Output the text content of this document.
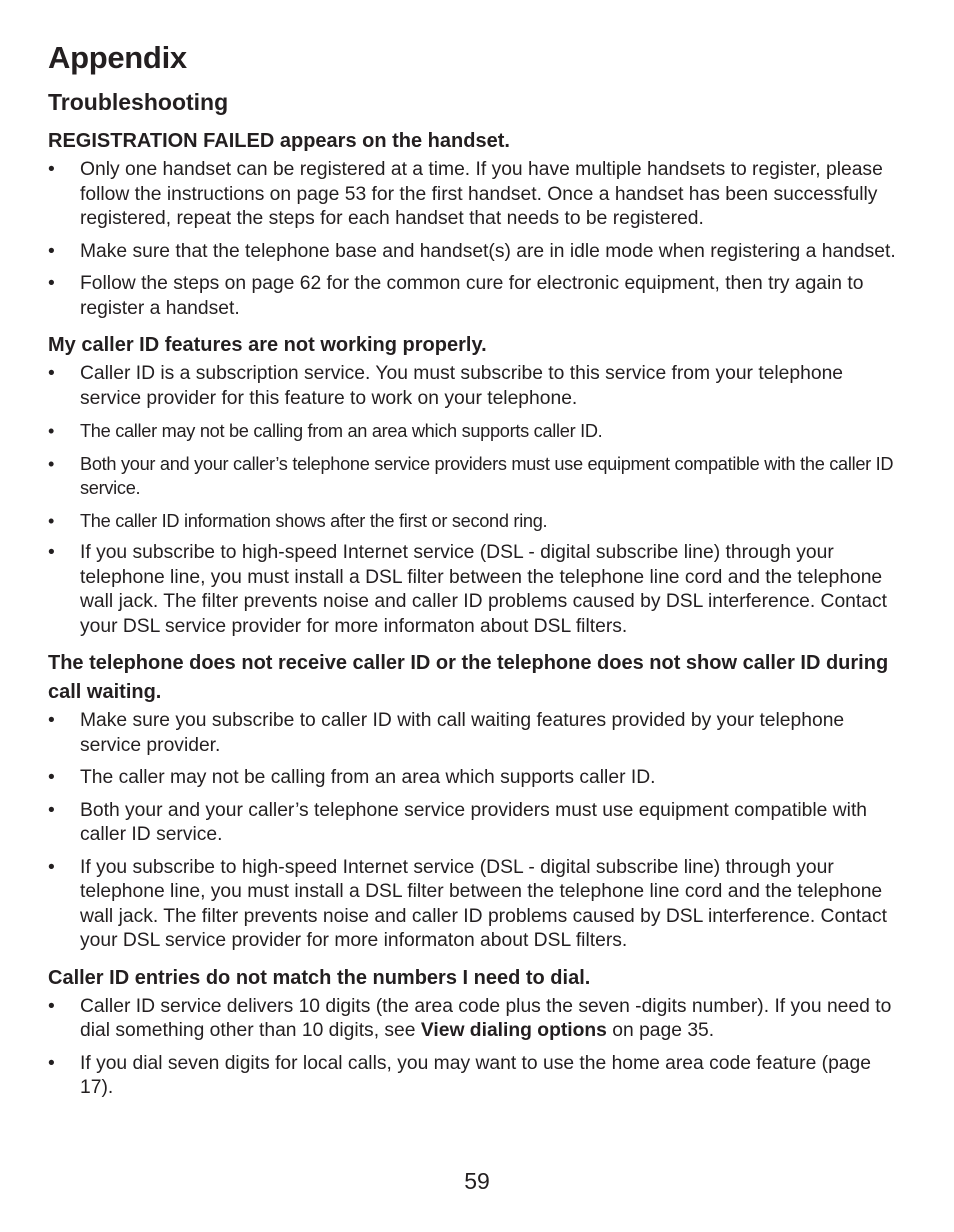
Appendix
Troubleshooting
REGISTRATION FAILED appears on the handset.
• Only one handset can be registered at a time. If you have multiple handsets to register, please follow the instructions on page 53 for the first handset. Once a handset has been successfully registered, repeat the steps for each handset that needs to be registered.
• Make sure that the telephone base and handset(s) are in idle mode when registering a handset.
• Follow the steps on page 62 for the common cure for electronic equipment, then try again to register a handset.
My caller ID features are not working properly.
• Caller ID is a subscription service. You must subscribe to this service from your telephone service provider for this feature to work on your telephone.
• The caller may not be calling from an area which supports caller ID.
• Both your and your caller’s telephone service providers must use equipment compatible with the caller ID service.
• The caller ID information shows after the first or second ring.
• If you subscribe to high-speed Internet service (DSL - digital subscribe line) through your telephone line, you must install a DSL filter between the telephone line cord and the telephone wall jack. The filter prevents noise and caller ID problems caused by DSL interference. Contact your DSL service provider for more informaton about DSL filters.
The telephone does not receive caller ID or the telephone does not show caller ID during call waiting.
• Make sure you subscribe to caller ID with call waiting features provided by your telephone service provider.
• The caller may not be calling from an area which supports caller ID.
• Both your and your caller’s telephone service providers must use equipment compatible with caller ID service.
• If you subscribe to high-speed Internet service (DSL - digital subscribe line) through your telephone line, you must install a DSL filter between the telephone line cord and the telephone wall jack. The filter prevents noise and caller ID problems caused by DSL interference. Contact your DSL service provider for more informaton about DSL filters.
Caller ID entries do not match the numbers I need to dial.
• Caller ID service delivers 10 digits (the area code plus the seven -digits number). If you need to dial something other than 10 digits, see View dialing options on page 35.
• If you dial seven digits for local calls, you may want to use the home area code feature (page 17).
59
